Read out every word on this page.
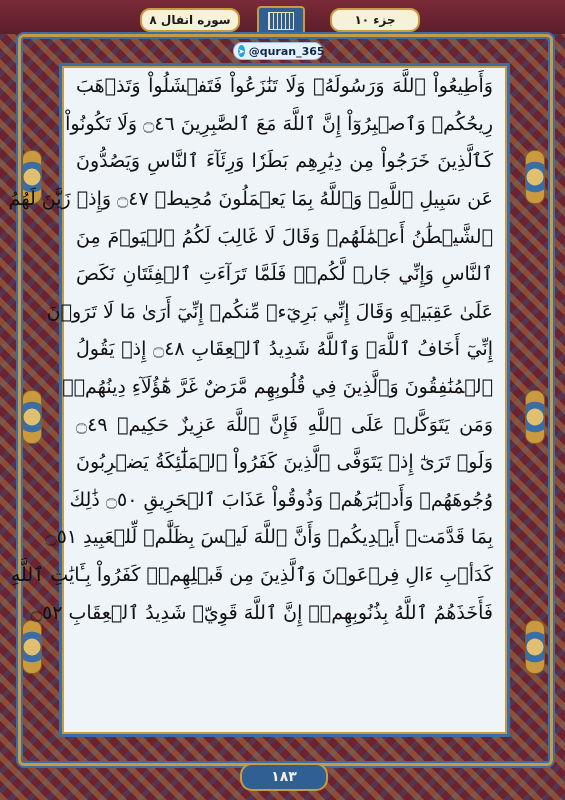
سوره انفال ۸	جزء ۱۰
وَأَطِيعُواْ ٱللَّهَ وَرَسُولَهُۥ وَلَا تَنَٰزَعُواْ فَتَفۡشَلُواْ وَتَذۡهَبَ
رِيحُكُمۡ وَٱصۡبِرُوٓاْ إِنَّ ٱللَّهَ مَعَ ٱلصَّٰبِرِينَ ۝٤٦ وَلَا تَكُونُواْ
كَٱلَّذِينَ خَرَجُواْ مِن دِيَٰرِهِم بَطَرٗا وَرِئَآءَ ٱلنَّاسِ وَيَصُدُّونَ
عَن سَبِيلِ ٱللَّهِۚ وَٱللَّهُ بِمَا يَعۡمَلُونَ مُحِيطٞ ۝٤٧ وَإِذۡ زَيَّنَ لَهُمُ
ٱلشَّيۡطَٰنُ أَعۡمَٰلَهُمۡ وَقَالَ لَا غَالِبَ لَكُمُ ٱلۡيَوۡمَ مِنَ
ٱلنَّاسِ وَإِنِّي جَارٞ لَّكُمۡۖ فَلَمَّا تَرَآءَتِ ٱلۡفِئَتَانِ نَكَصَ
عَلَىٰ عَقِبَيۡهِ وَقَالَ إِنِّي بَرِيٓءٞ مِّنكُمۡ إِنِّيٓ أَرَىٰ مَا لَا تَرَوۡنَ
إِنِّيٓ أَخَافُ ٱللَّهَۚ وَٱللَّهُ شَدِيدُ ٱلۡعِقَابِ ۝٤٨ إِذۡ يَقُولُ
ٱلۡمُنَٰفِقُونَ وَٱلَّذِينَ فِي قُلُوبِهِم مَّرَضٌ غَرَّ هَٰٓؤُلَآءِ دِينُهُمۡۗ
وَمَن يَتَوَكَّلۡ عَلَى ٱللَّهِ فَإِنَّ ٱللَّهَ عَزِيزٌ حَكِيمٞ ۝٤٩
وَلَوۡ تَرَىٰٓ إِذۡ يَتَوَفَّى ٱلَّذِينَ كَفَرُواْ ٱلۡمَلَٰٓئِكَةُ يَضۡرِبُونَ
وُجُوهَهُمۡ وَأَدۡبَٰرَهُمۡ وَذُوقُواْ عَذَابَ ٱلۡحَرِيقِ ۝٥٠ ذَٰلِكَ
بِمَا قَدَّمَتۡ أَيۡدِيكُمۡ وَأَنَّ ٱللَّهَ لَيۡسَ بِظَلَّٰمٖ لِّلۡعَبِيدِ ۝٥١
كَدَأۡبِ ءَالِ فِرۡعَوۡنَ وَٱلَّذِينَ مِن قَبۡلِهِمۡۚ كَفَرُواْ بِـَٔايَٰتِ ٱللَّهِ
فَأَخَذَهُمُ ٱللَّهُ بِذُنُوبِهِمۡۚ إِنَّ ٱللَّهَ قَوِيّٞ شَدِيدُ ٱلۡعِقَابِ ۝٥٢
➤ @quran_365
۱۸۳
